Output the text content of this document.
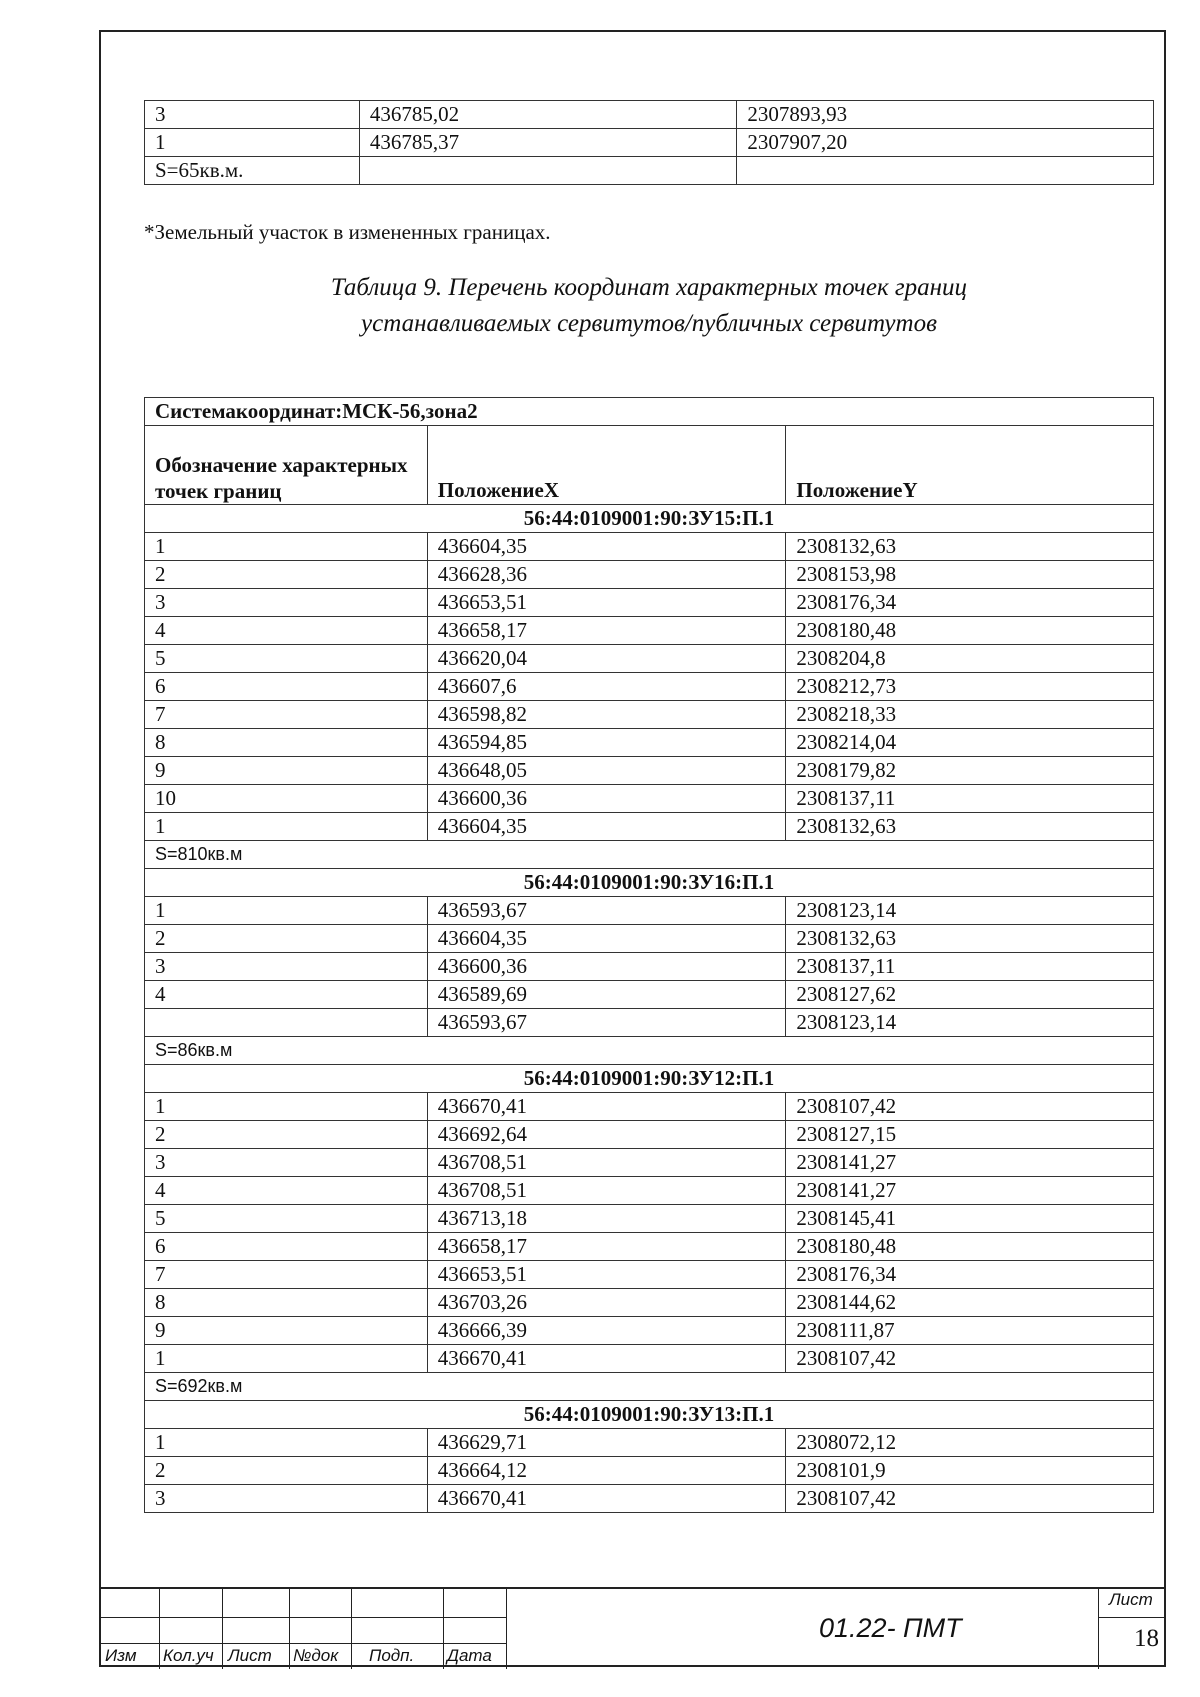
3	436785,02	2307893,93
1	436785,37	2307907,20
S=65кв.м.		
*Земельный участок в измененных границах.
Таблица 9. Перечень координат характерных точек границ
устанавливаемых сервитутов/публичных сервитутов
Системакоординат:МСК-56,зона2		
Обозначение характерных точек границ	ПоложениеX	ПоложениеY
56:44:0109001:90:ЗУ15:П.1		
1	436604,35	2308132,63
2	436628,36	2308153,98
3	436653,51	2308176,34
4	436658,17	2308180,48
5	436620,04	2308204,8
6	436607,6	2308212,73
7	436598,82	2308218,33
8	436594,85	2308214,04
9	436648,05	2308179,82
10	436600,36	2308137,11
1	436604,35	2308132,63
S=810кв.м		
56:44:0109001:90:ЗУ16:П.1		
1	436593,67	2308123,14
2	436604,35	2308132,63
3	436600,36	2308137,11
4	436589,69	2308127,62
	436593,67	2308123,14
S=86кв.м		
56:44:0109001:90:ЗУ12:П.1		
1	436670,41	2308107,42
2	436692,64	2308127,15
3	436708,51	2308141,27
4	436708,51	2308141,27
5	436713,18	2308145,41
6	436658,17	2308180,48
7	436653,51	2308176,34
8	436703,26	2308144,62
9	436666,39	2308111,87
1	436670,41	2308107,42
S=692кв.м		
56:44:0109001:90:ЗУ13:П.1		
1	436629,71	2308072,12
2	436664,12	2308101,9
3	436670,41	2308107,42
Изм Кол.уч Лист №док Подп. Дата
01.22- ПМТ
Лист
18
